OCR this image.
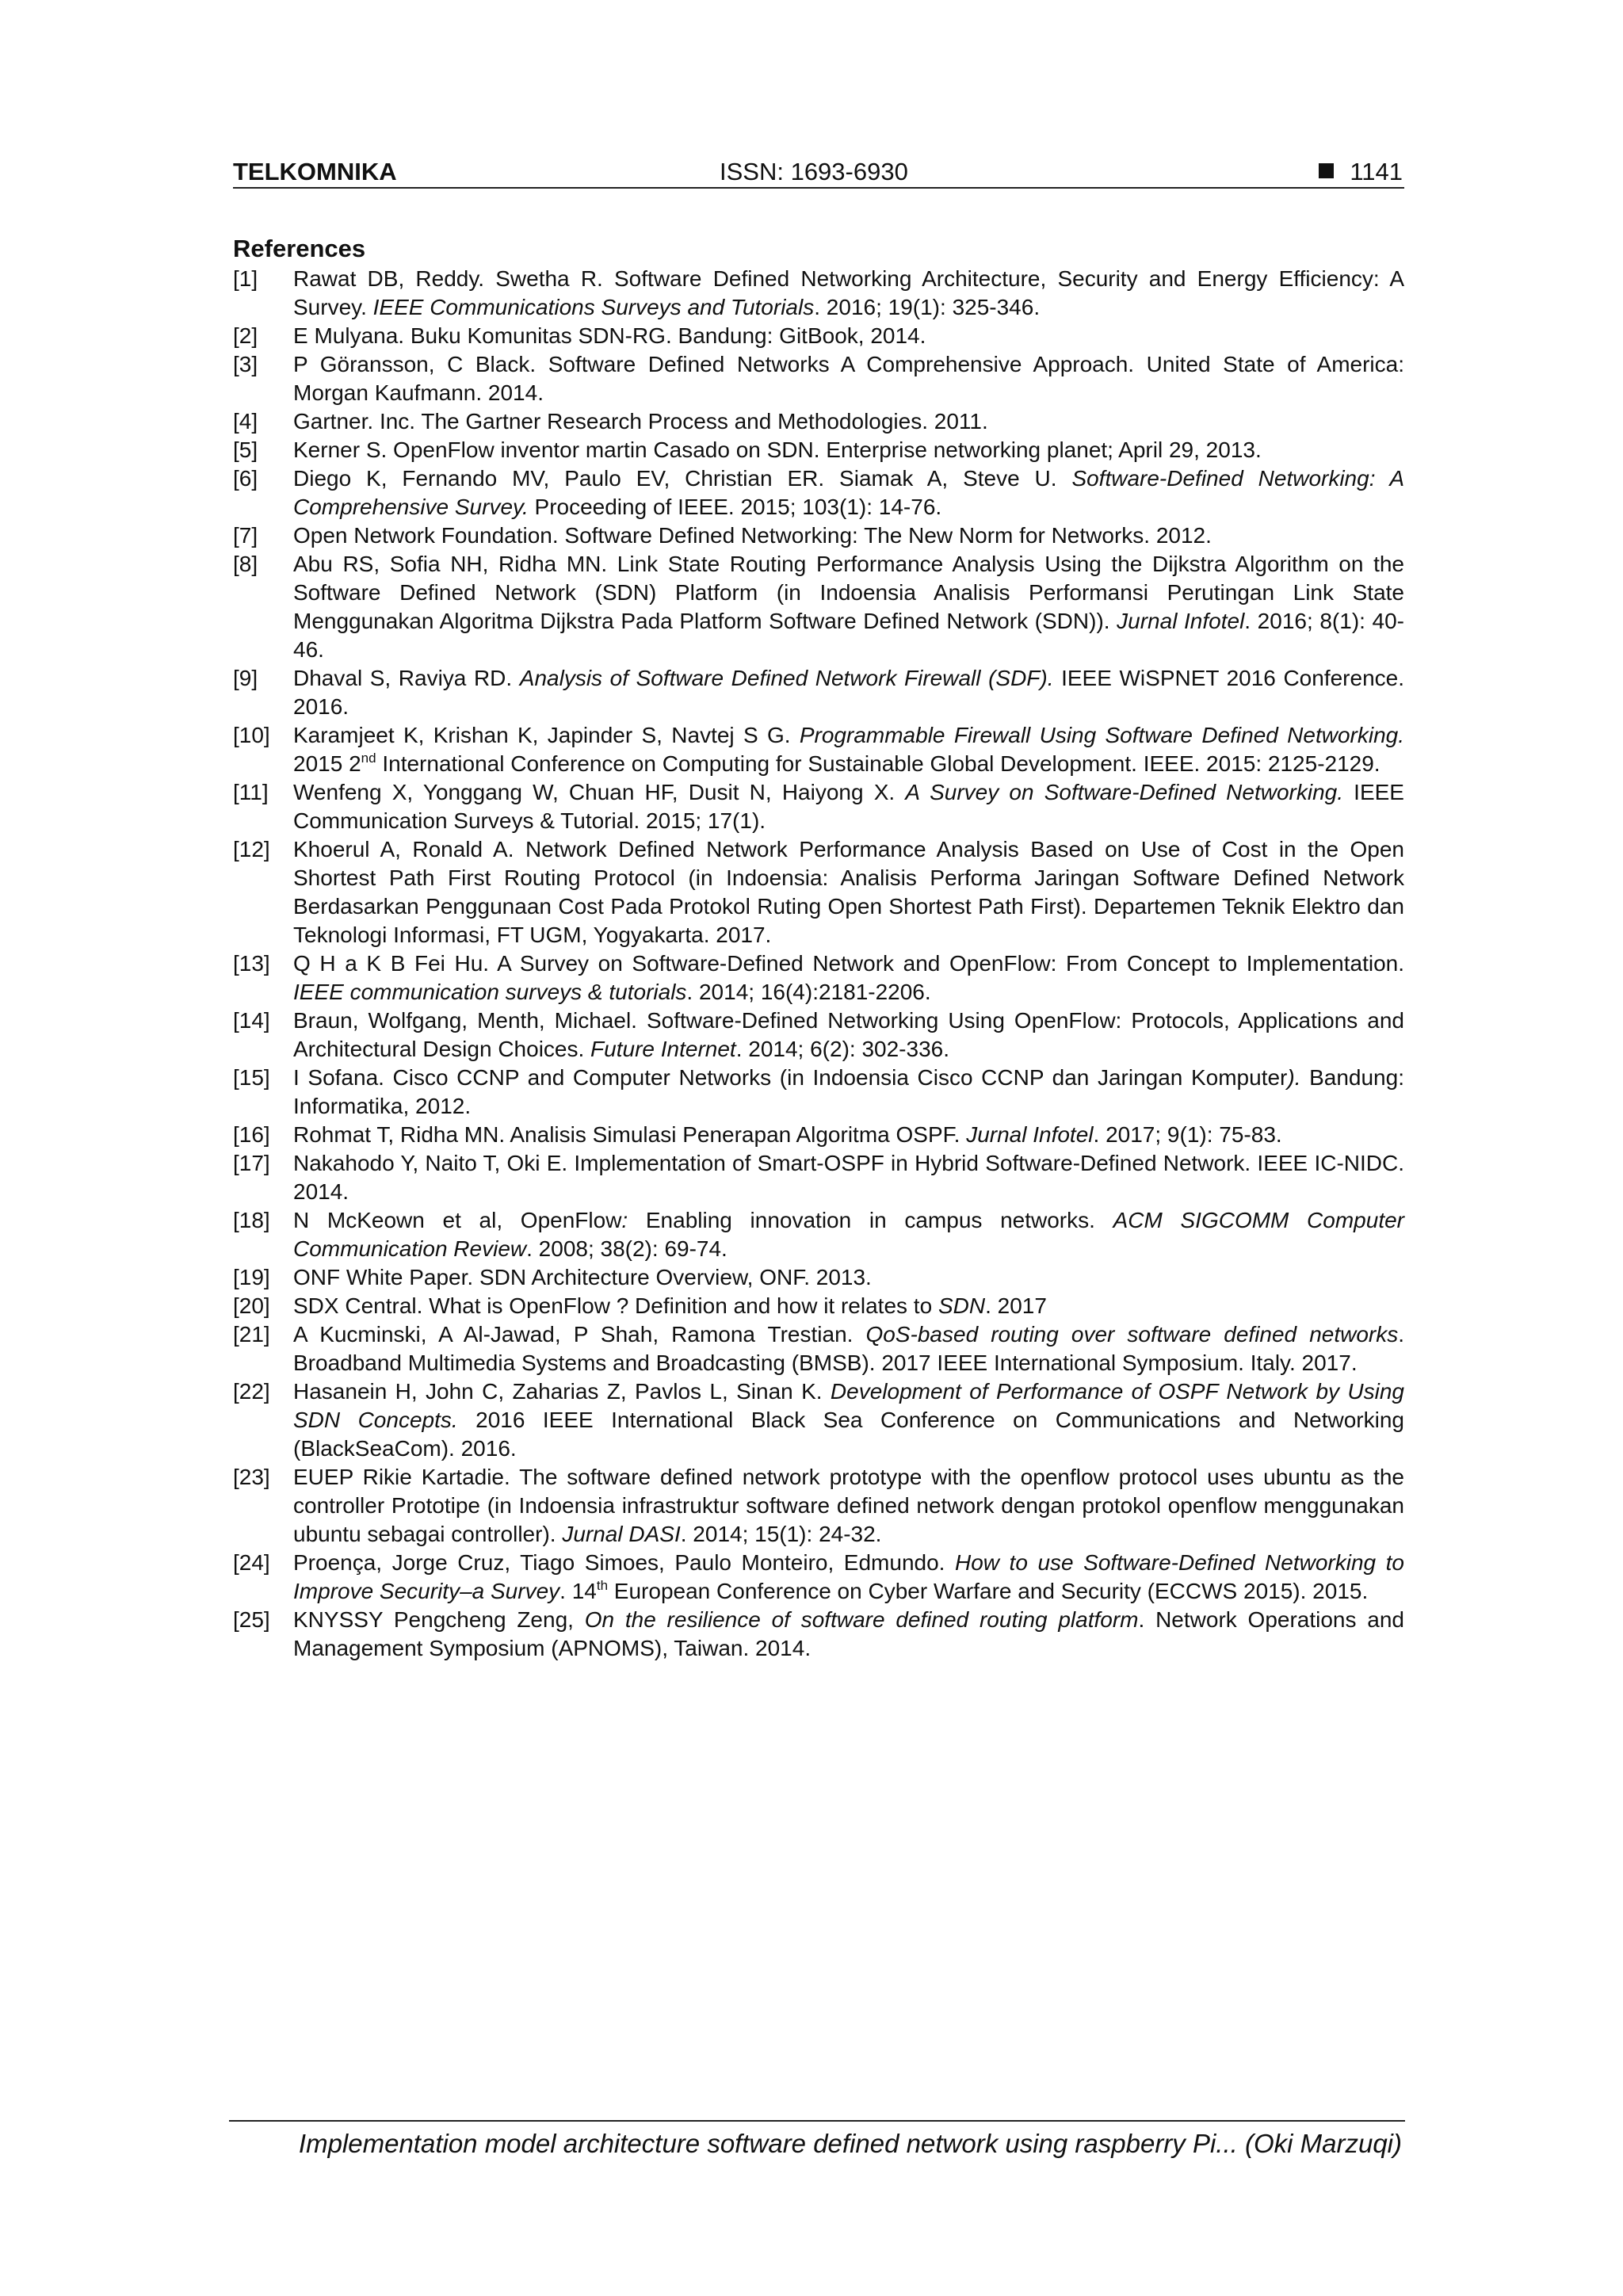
TELKOMNIKA	ISSN: 1693-6930	1141
References
[1] Rawat DB, Reddy. Swetha R. Software Defined Networking Architecture, Security and Energy Efficiency: A Survey. IEEE Communications Surveys and Tutorials. 2016; 19(1): 325-346.
[2] E Mulyana. Buku Komunitas SDN-RG. Bandung: GitBook, 2014.
[3] P Göransson, C Black. Software Defined Networks A Comprehensive Approach. United State of America: Morgan Kaufmann. 2014.
[4] Gartner. Inc. The Gartner Research Process and Methodologies. 2011.
[5] Kerner S. OpenFlow inventor martin Casado on SDN. Enterprise networking planet; April 29, 2013.
[6] Diego K, Fernando MV, Paulo EV, Christian ER. Siamak A, Steve U. Software-Defined Networking: A Comprehensive Survey. Proceeding of IEEE. 2015; 103(1): 14-76.
[7] Open Network Foundation. Software Defined Networking: The New Norm for Networks. 2012.
[8] Abu RS, Sofia NH, Ridha MN. Link State Routing Performance Analysis Using the Dijkstra Algorithm on the Software Defined Network (SDN) Platform (in Indoensia Analisis Performansi Perutingan Link State Menggunakan Algoritma Dijkstra Pada Platform Software Defined Network (SDN)). Jurnal Infotel. 2016; 8(1): 40-46.
[9] Dhaval S, Raviya RD. Analysis of Software Defined Network Firewall (SDF). IEEE WiSPNET 2016 Conference. 2016.
[10] Karamjeet K, Krishan K, Japinder S, Navtej S G. Programmable Firewall Using Software Defined Networking. 2015 2nd International Conference on Computing for Sustainable Global Development. IEEE. 2015: 2125-2129.
[11] Wenfeng X, Yonggang W, Chuan HF, Dusit N, Haiyong X. A Survey on Software-Defined Networking. IEEE Communication Surveys & Tutorial. 2015; 17(1).
[12] Khoerul A, Ronald A. Network Defined Network Performance Analysis Based on Use of Cost in the Open Shortest Path First Routing Protocol (in Indoensia: Analisis Performa Jaringan Software Defined Network Berdasarkan Penggunaan Cost Pada Protokol Ruting Open Shortest Path First). Departemen Teknik Elektro dan Teknologi Informasi, FT UGM, Yogyakarta. 2017.
[13] Q H a K B Fei Hu. A Survey on Software-Defined Network and OpenFlow: From Concept to Implementation. IEEE communication surveys & tutorials. 2014; 16(4):2181-2206.
[14] Braun, Wolfgang, Menth, Michael. Software-Defined Networking Using OpenFlow: Protocols, Applications and Architectural Design Choices. Future Internet. 2014; 6(2): 302-336.
[15] I Sofana. Cisco CCNP and Computer Networks (in Indoensia Cisco CCNP dan Jaringan Komputer). Bandung: Informatika, 2012.
[16] Rohmat T, Ridha MN. Analisis Simulasi Penerapan Algoritma OSPF. Jurnal Infotel. 2017; 9(1): 75-83.
[17] Nakahodo Y, Naito T, Oki E. Implementation of Smart-OSPF in Hybrid Software-Defined Network. IEEE IC-NIDC. 2014.
[18] N McKeown et al, OpenFlow: Enabling innovation in campus networks. ACM SIGCOMM Computer Communication Review. 2008; 38(2): 69-74.
[19] ONF White Paper. SDN Architecture Overview, ONF. 2013.
[20] SDX Central. What is OpenFlow ? Definition and how it relates to SDN. 2017
[21] A Kucminski, A Al-Jawad, P Shah, Ramona Trestian. QoS-based routing over software defined networks. Broadband Multimedia Systems and Broadcasting (BMSB). 2017 IEEE International Symposium. Italy. 2017.
[22] Hasanein H, John C, Zaharias Z, Pavlos L, Sinan K. Development of Performance of OSPF Network by Using SDN Concepts. 2016 IEEE International Black Sea Conference on Communications and Networking (BlackSeaCom). 2016.
[23] EUEP Rikie Kartadie. The software defined network prototype with the openflow protocol uses ubuntu as the controller Prototipe (in Indoensia infrastruktur software defined network dengan protokol openflow menggunakan ubuntu sebagai controller). Jurnal DASI. 2014; 15(1): 24-32.
[24] Proença, Jorge Cruz, Tiago Simoes, Paulo Monteiro, Edmundo. How to use Software-Defined Networking to Improve Security–a Survey. 14th European Conference on Cyber Warfare and Security (ECCWS 2015). 2015.
[25] KNYSSY Pengcheng Zeng, On the resilience of software defined routing platform. Network Operations and Management Symposium (APNOMS), Taiwan. 2014.
Implementation model architecture software defined network using raspberry Pi... (Oki Marzuqi)
